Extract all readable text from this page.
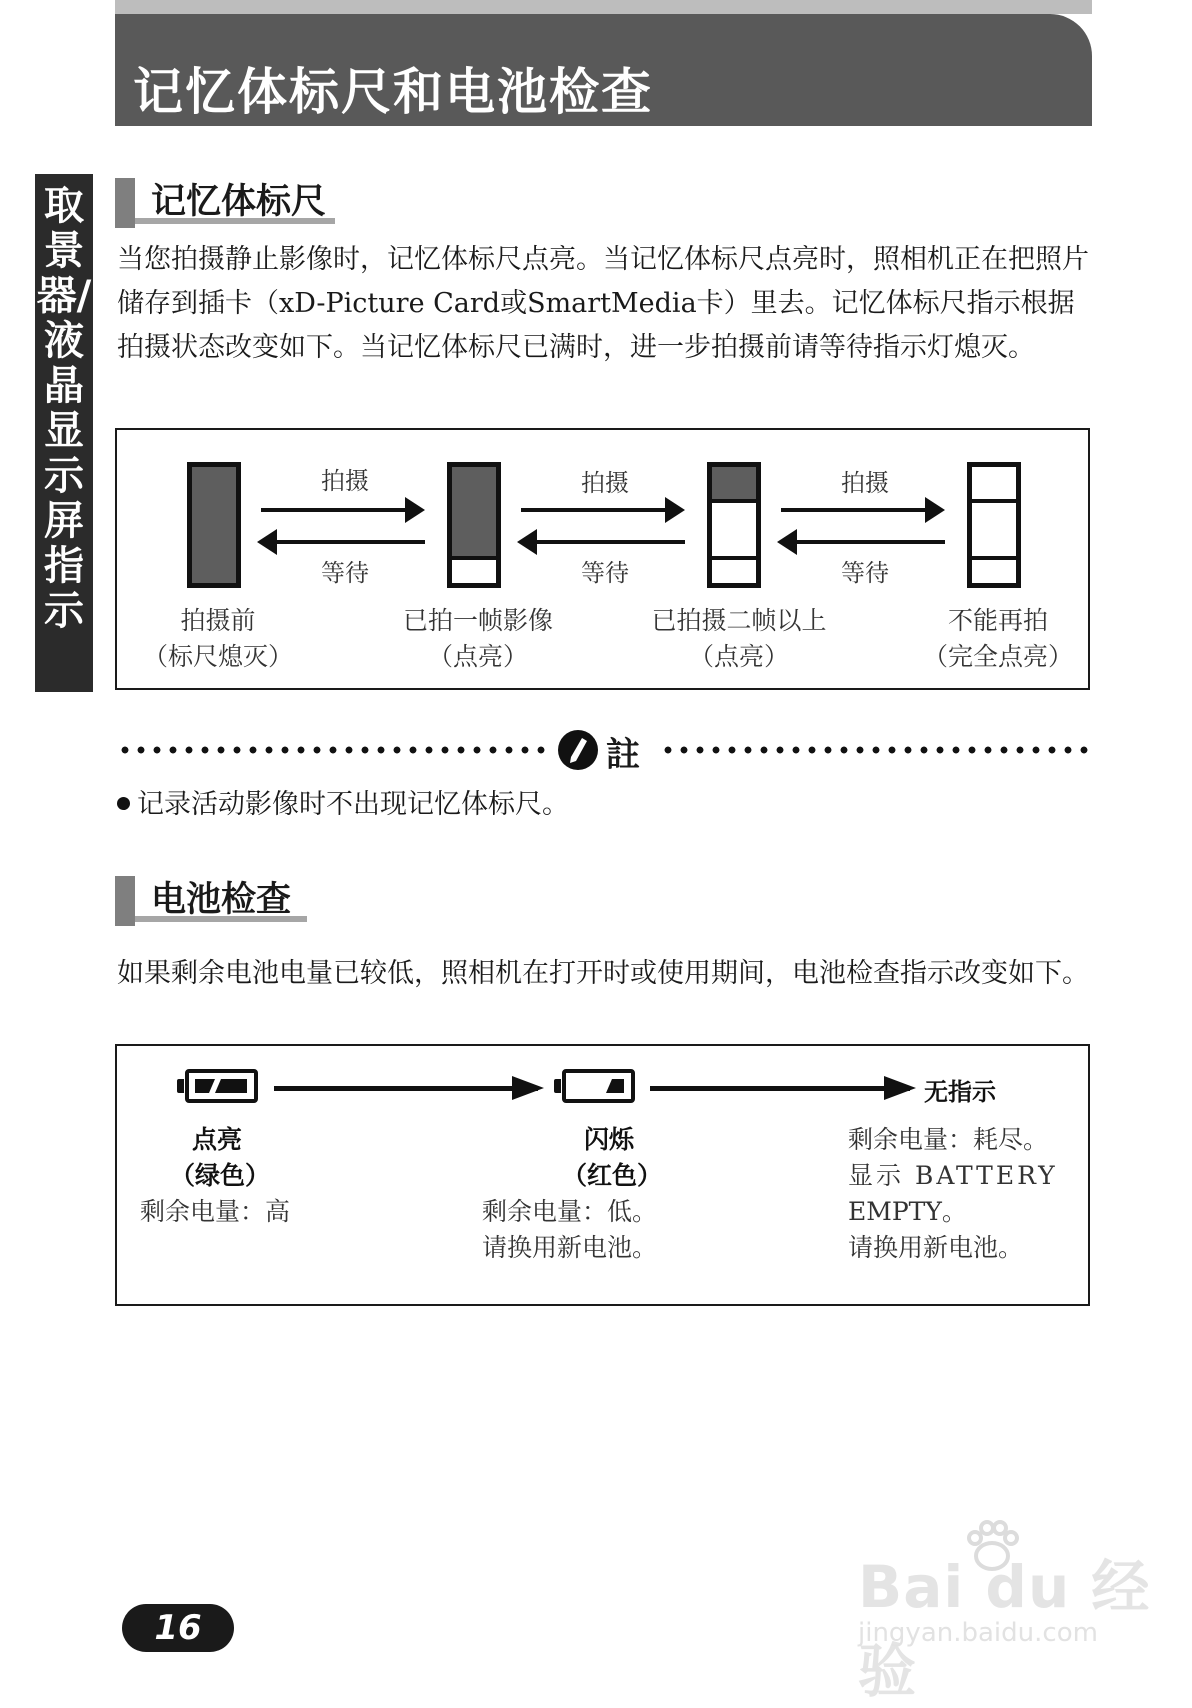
记忆体标尺和电池检查
取景器/液晶显示屏指示
记忆体标尺
当您拍摄静止影像时，记忆体标尺点亮。当记忆体标尺点亮时，照相机正在把照片储存到插卡（xD-Picture Card或SmartMedia卡）里去。记忆体标尺指示根据拍摄状态改变如下。当记忆体标尺已满时，进一步拍摄前请等待指示灯熄灭。
拍摄
等待
拍摄
等待
拍摄
等待
拍摄前
（标尺熄灭）
已拍一帧影像
（点亮）
已拍摄二帧以上
（点亮）
不能再拍
（完全点亮）
註
记录活动影像时不出现记忆体标尺。
电池检查
如果剩余电池电量已较低，照相机在打开时或使用期间，电池检查指示改变如下。
无指示
点亮
（绿色）
剩余电量：高
闪烁
（红色）
剩余电量：低。
请换用新电池。
剩余电量：耗尽。
显示 BATTERY
EMPTY。
请换用新电池。
16
Bai du 经验
jingyan.baidu.com
